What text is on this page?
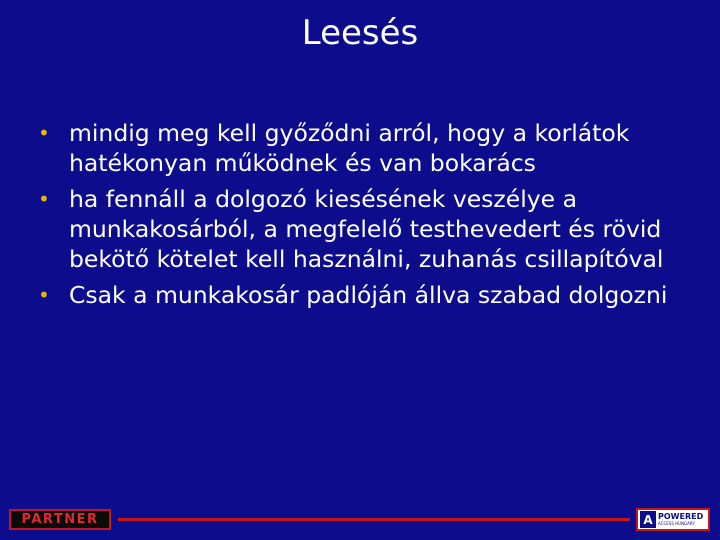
Leesés
• mindig meg kell győződni arról, hogy a korlátok hatékonyan működnek és van bokarács
• ha fennáll a dolgozó kiesésének veszélye a munkakosárból, a megfelelő testhevedert és rövid bekötő kötelet kell használni, zuhanás csillapítóval
• Csak a munkakosár padlóján állva szabad dolgozni
PARTNER	A POWERED
ACCESS HUNGARY
